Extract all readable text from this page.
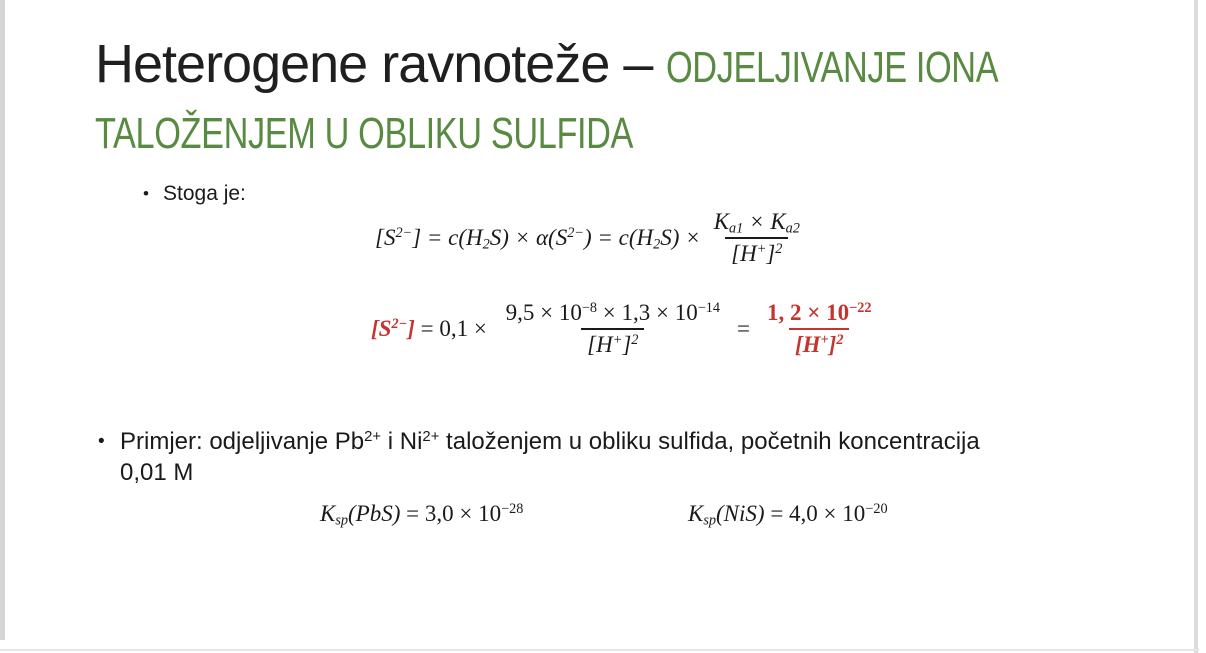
Heterogene ravnoteže – ODJELJIVANJE IONA
TALOŽENJEM U OBLIKU SULFIDA
• Stoga je:
$[S^{2-}] = c(H2S) \times \alpha(S^{2-}) = c(H2S) \times \frac{Ka1 \times Ka2}{[H^+]^2}$
$[S^{2-}] = 0,1 \times \frac{9,5 \times 10^{-8} \times 1,3 \times 10^{-14}}{[H^+]^2} = \frac{1, 2 \times 10^{-22}}{[H^+]^2}$
• Primjer: odjeljivanje $Pb^{2+}$ i $Ni^{2+}$ taloženjem u obliku sulfida, početnih koncentracija
0,01 M
$Ksp(PbS) = 3,0 \times 10^{-28}$	$Ksp(NiS) = 4,0 \times 10^{-20}$
